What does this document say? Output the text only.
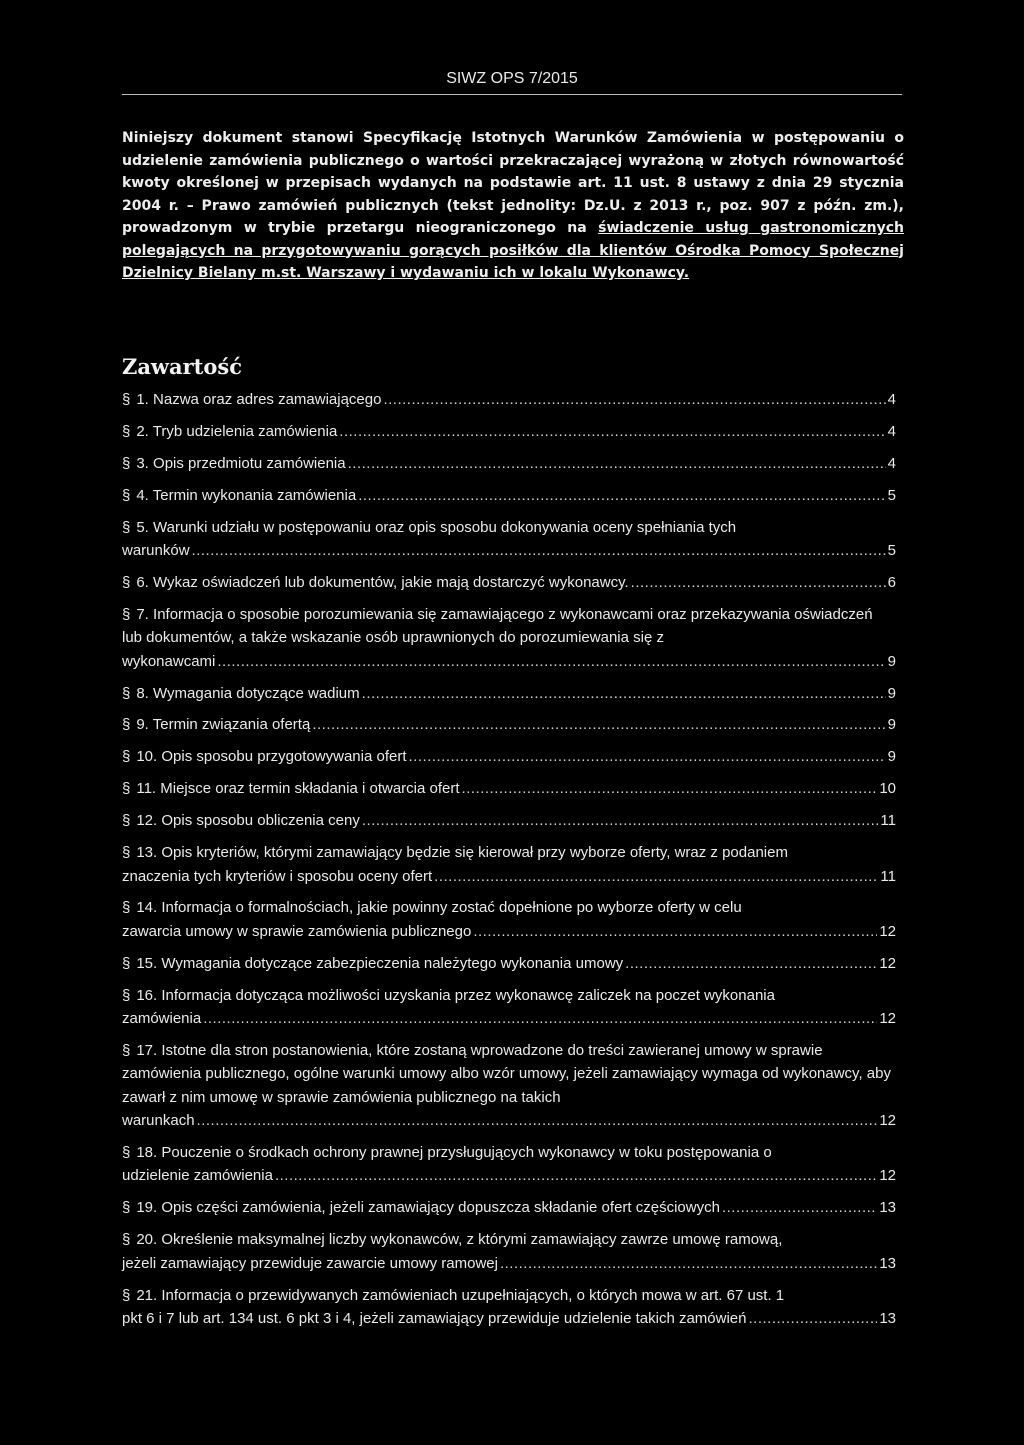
SIWZ OPS 7/2015
Niniejszy dokument stanowi Specyfikację Istotnych Warunków Zamówienia w postępowaniu o udzielenie zamówienia publicznego o wartości przekraczającej wyrażoną w złotych równowartość kwoty określonej w przepisach wydanych na podstawie art. 11 ust. 8 ustawy z dnia 29 stycznia 2004 r. – Prawo zamówień publicznych (tekst jednolity: Dz.U. z 2013 r., poz. 907 z późn. zm.), prowadzonym w trybie przetargu nieograniczonego na świadczenie usług gastronomicznych polegających na przygotowywaniu gorących posiłków dla klientów Ośrodka Pomocy Społecznej Dzielnicy Bielany m.st. Warszawy i wydawaniu ich w lokalu Wykonawcy.
Zawartość
§ 1. Nazwa oraz adres zamawiającego .....	4
§ 2. Tryb udzielenia zamówienia .....	4
§ 3. Opis przedmiotu zamówienia .....	4
§ 4. Termin wykonania zamówienia .....	5
§ 5. Warunki udziału w postępowaniu oraz opis sposobu dokonywania oceny spełniania tych
warunków .....	5
§ 6. Wykaz oświadczeń lub dokumentów, jakie mają dostarczyć wykonawcy. .....	6
§ 7. Informacja o sposobie porozumiewania się zamawiającego z wykonawcami oraz przekazywania oświadczeń lub dokumentów, a także wskazanie osób uprawnionych do porozumiewania się z
wykonawcami .....	9
§ 8. Wymagania dotyczące wadium .....	9
§ 9. Termin związania ofertą .....	9
§ 10. Opis sposobu przygotowywania ofert .....	9
§ 11. Miejsce oraz termin składania i otwarcia ofert .....	10
§ 12. Opis sposobu obliczenia ceny .....	11
§ 13. Opis kryteriów, którymi zamawiający będzie się kierował przy wyborze oferty, wraz z podaniem
znaczenia tych kryteriów i sposobu oceny ofert .....	11
§ 14. Informacja o formalnościach, jakie powinny zostać dopełnione po wyborze oferty w celu
zawarcia umowy w sprawie zamówienia publicznego .....	12
§ 15. Wymagania dotyczące zabezpieczenia należytego wykonania umowy .....	12
§ 16. Informacja dotycząca możliwości uzyskania przez wykonawcę zaliczek na poczet wykonania
zamówienia .....	12
§ 17. Istotne dla stron postanowienia, które zostaną wprowadzone do treści zawieranej umowy w sprawie zamówienia publicznego, ogólne warunki umowy albo wzór umowy, jeżeli zamawiający wymaga od wykonawcy, aby zawarł z nim umowę w sprawie zamówienia publicznego na takich
warunkach .....	12
§ 18. Pouczenie o środkach ochrony prawnej przysługujących wykonawcy w toku postępowania o
udzielenie zamówienia .....	12
§ 19. Opis części zamówienia, jeżeli zamawiający dopuszcza składanie ofert częściowych .....	13
§ 20. Określenie maksymalnej liczby wykonawców, z którymi zamawiający zawrze umowę ramową,
jeżeli zamawiający przewiduje zawarcie umowy ramowej .....	13
§ 21. Informacja o przewidywanych zamówieniach uzupełniających, o których mowa w art. 67 ust. 1
pkt 6 i 7 lub art. 134 ust. 6 pkt 3 i 4, jeżeli zamawiający przewiduje udzielenie takich zamówień .....	13
